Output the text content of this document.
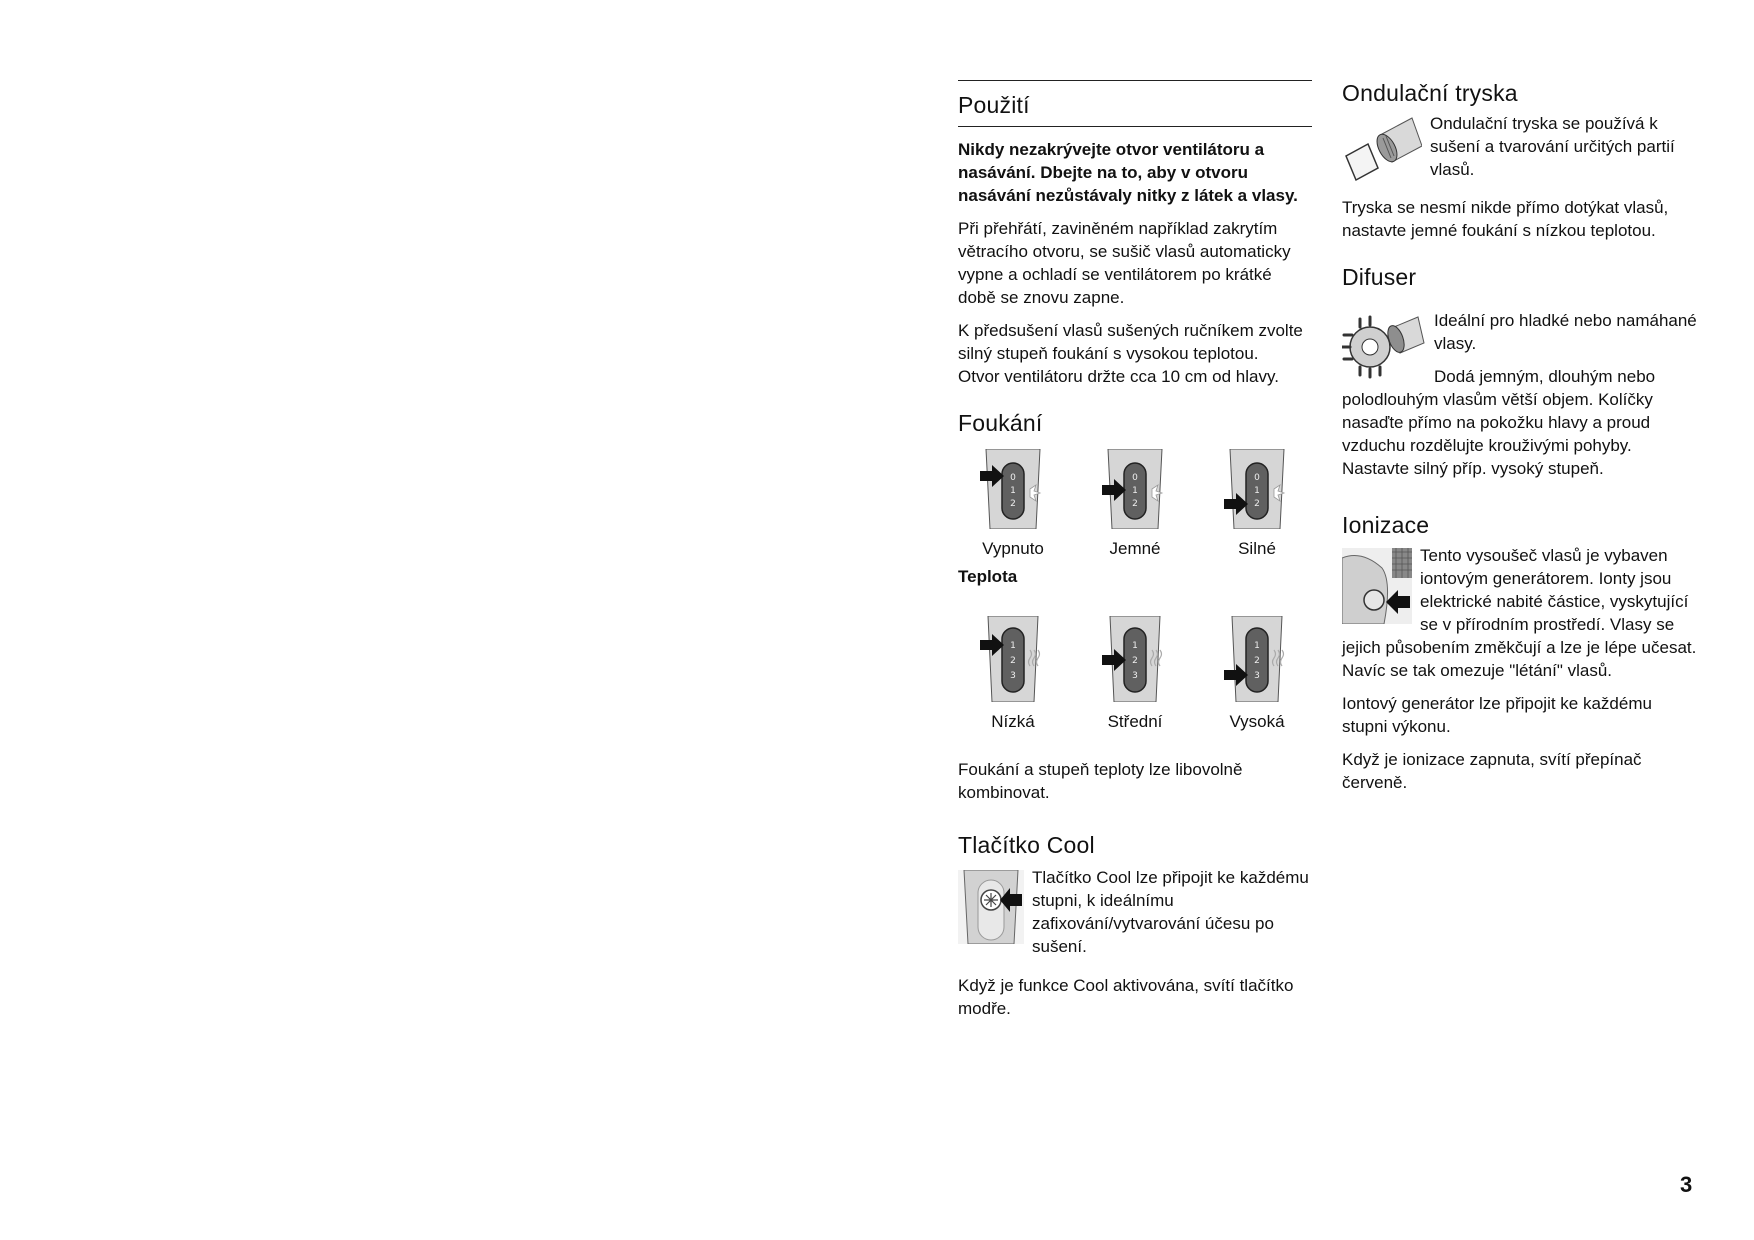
Použití

Nikdy nezakrývejte otvor ventilátoru a nasávání. Dbejte na to, aby v otvoru nasávání nezůstávaly nitky z látek a vlasy.

Při přehřátí, zaviněném například zakrytím větracího otvoru, se sušič vlasů automaticky vypne a ochladí se ventilátorem po krátké době se znovu zapne.

K předsušení vlasů sušených ručníkem zvolte silný stupeň foukání s vysokou teplotou.

Otvor ventilátoru držte cca 10 cm od hlavy.

Foukání
0
1
2
Vypnuto
0
1
2
Jemné
0
1
2
Silné

Teplota

1
2
3
Nízká
1
2
3
Střední
1
2
3
Vysoká

Foukání a stupeň teploty lze libovolně kombinovat.

Tlačítko Cool

Tlačítko Cool lze připojit ke každému stupni, k ideálnímu zafixování/vytvarování účesu po sušení.

Když je funkce Cool aktivována, svítí tlačítko modře.

Ondulační tryska

Ondulační tryska se používá k sušení a tvarování určitých partií vlasů.

Tryska se nesmí nikde přímo dotýkat vlasů, nastavte jemné foukání s nízkou teplotou.

Difuser

Ideální pro hladké nebo namáhané vlasy.

Dodá jemným, dlouhým nebo polodlouhým vlasům větší objem. Kolíčky nasaďte přímo na pokožku hlavy a proud vzduchu rozdělujte krouživými pohyby. Nastavte silný příp. vysoký stupeň.

Ionizace

Tento vysoušeč vlasů je vybaven iontovým generátorem. Ionty jsou elektrické nabité částice, vyskytující se v přírodním prostředí. Vlasy se jejich působením změkčují a lze je lépe učesat. Navíc se tak omezuje "létání" vlasů.

Iontový generátor lze připojit ke každému stupni výkonu.

Když je ionizace zapnuta, svítí přepínač červeně.

3
